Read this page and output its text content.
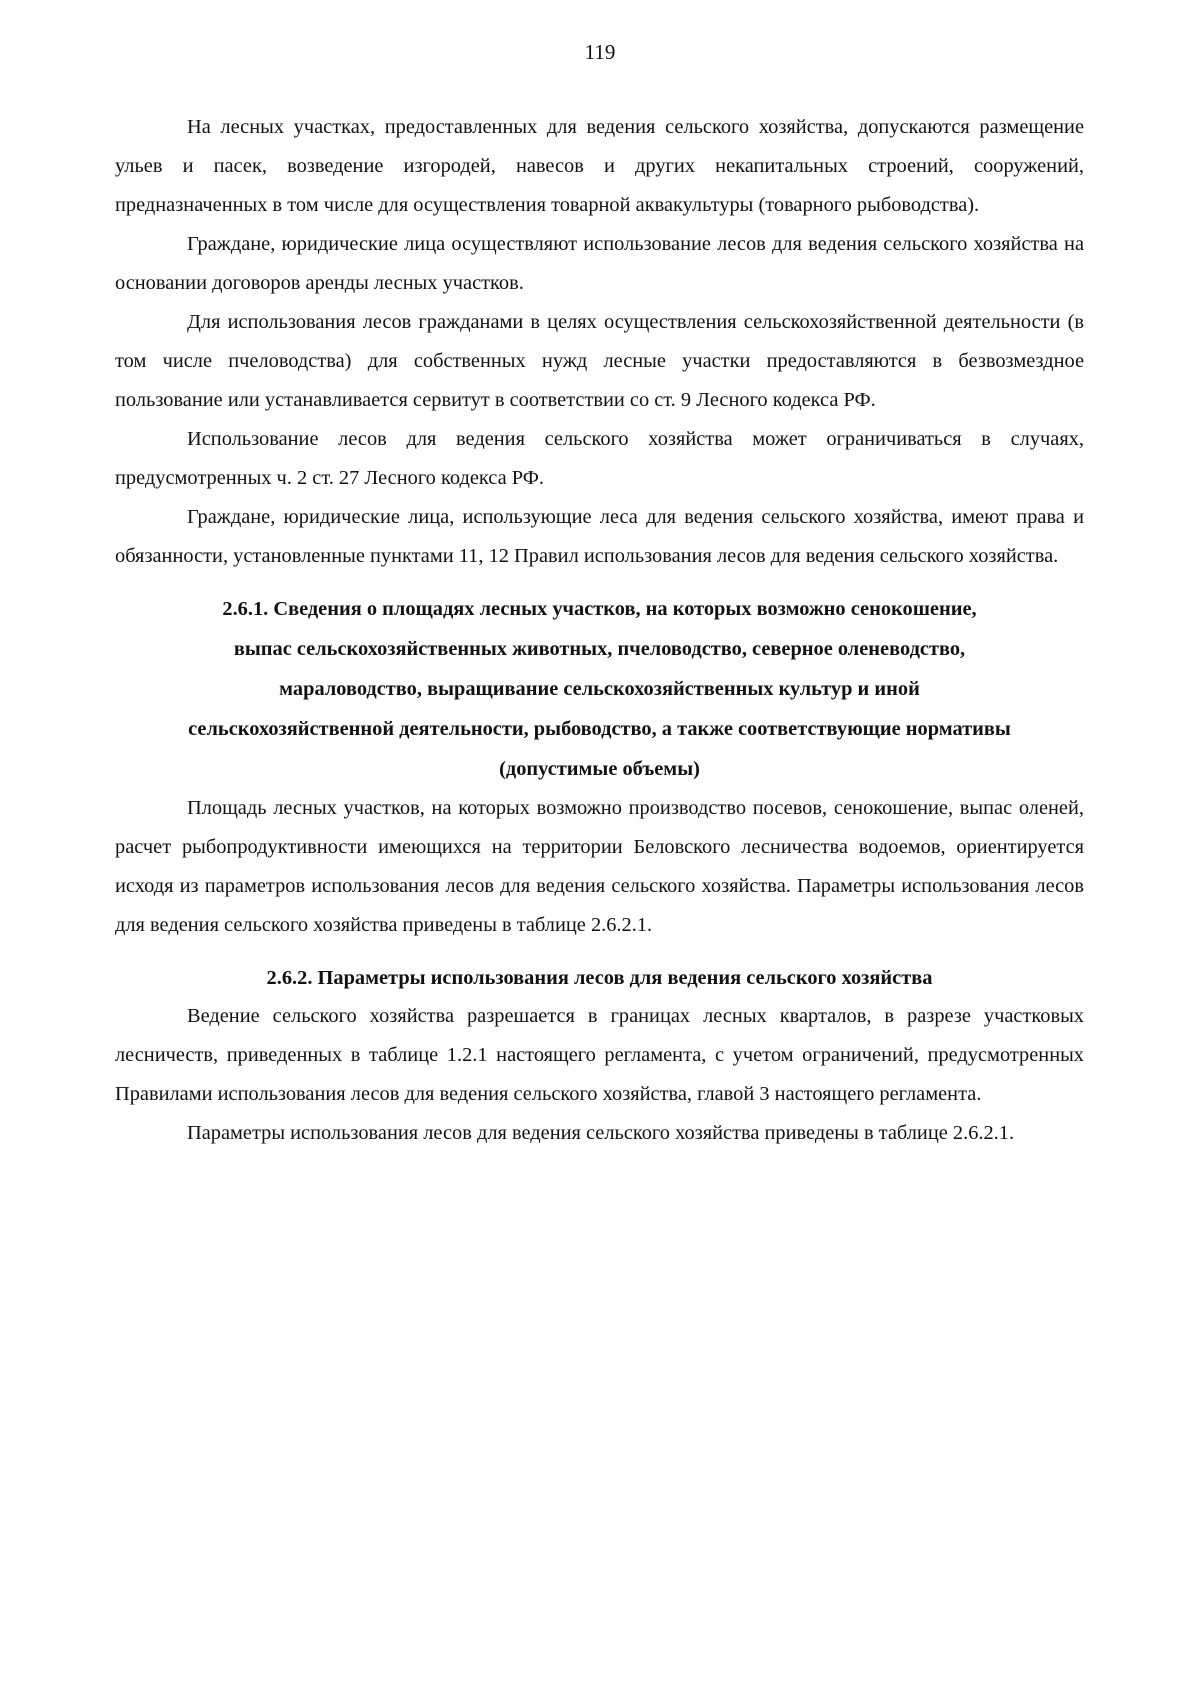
119

На лесных участках, предоставленных для ведения сельского хозяйства, допускаются размещение ульев и пасек, возведение изгородей, навесов и других некапитальных строений, сооружений, предназначенных в том числе для осуществления товарной аквакультуры (товарного рыбоводства).

Граждане, юридические лица осуществляют использование лесов для ведения сельского хозяйства на основании договоров аренды лесных участков.

Для использования лесов гражданами в целях осуществления сельскохозяйственной деятельности (в том числе пчеловодства) для собственных нужд лесные участки предоставляются в безвозмездное пользование или устанавливается сервитут в соответствии со ст. 9 Лесного кодекса РФ.

Использование лесов для ведения сельского хозяйства может ограничиваться в случаях, предусмотренных ч. 2 ст. 27 Лесного кодекса РФ.

Граждане, юридические лица, использующие леса для ведения сельского хозяйства, имеют права и обязанности, установленные пунктами 11, 12 Правил использования лесов для ведения сельского хозяйства.

2.6.1. Сведения о площадях лесных участков, на которых возможно сенокошение,
выпас сельскохозяйственных животных, пчеловодство, северное оленеводство,
мараловодство, выращивание сельскохозяйственных культур и иной
сельскохозяйственной деятельности, рыбоводство, а также соответствующие нормативы
(допустимые объемы)

Площадь лесных участков, на которых возможно производство посевов, сенокошение, выпас оленей, расчет рыбопродуктивности имеющихся на территории Беловского лесничества водоемов, ориентируется исходя из параметров использования лесов для ведения сельского хозяйства. Параметры использования лесов для ведения сельского хозяйства приведены в таблице 2.6.2.1.

2.6.2. Параметры использования лесов для ведения сельского хозяйства

Ведение сельского хозяйства разрешается в границах лесных кварталов, в разрезе участковых лесничеств, приведенных в таблице 1.2.1 настоящего регламента, с учетом ограничений, предусмотренных Правилами использования лесов для ведения сельского хозяйства, главой 3 настоящего регламента.

Параметры использования лесов для ведения сельского хозяйства приведены в таблице 2.6.2.1.
